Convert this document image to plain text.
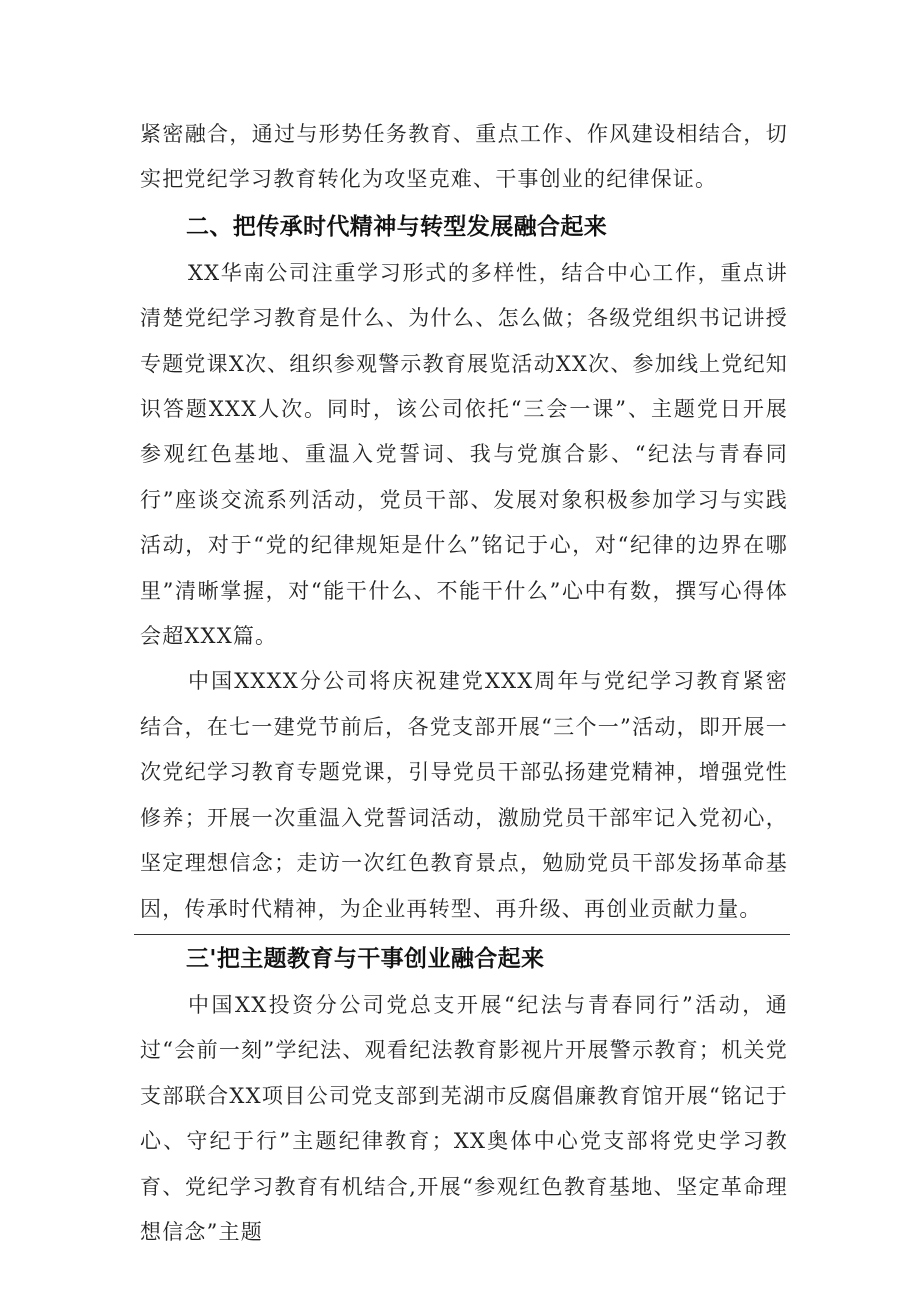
紧密融合，通过与形势任务教育、重点工作、作风建设相结合，切实把党纪学习教育转化为攻坚克难、干事创业的纪律保证。

二、把传承时代精神与转型发展融合起来

XX华南公司注重学习形式的多样性，结合中心工作，重点讲清楚党纪学习教育是什么、为什么、怎么做；各级党组织书记讲授专题党课X次、组织参观警示教育展览活动XX次、参加线上党纪知识答题XXX人次。同时，该公司依托“三会一课”、主题党日开展参观红色基地、重温入党誓词、我与党旗合影、“纪法与青春同行”座谈交流系列活动，党员干部、发展对象积极参加学习与实践活动，对于“党的纪律规矩是什么”铭记于心，对“纪律的边界在哪里”清晰掌握，对“能干什么、不能干什么”心中有数，撰写心得体会超XXX篇。

中国XXXX分公司将庆祝建党XXX周年与党纪学习教育紧密结合，在七一建党节前后，各党支部开展“三个一”活动，即开展一次党纪学习教育专题党课，引导党员干部弘扬建党精神，增强党性修养；开展一次重温入党誓词活动，激励党员干部牢记入党初心，坚定理想信念；走访一次红色教育景点，勉励党员干部发扬革命基因，传承时代精神，为企业再转型、再升级、再创业贡献力量。

三'把主题教育与干事创业融合起来

中国XX投资分公司党总支开展“纪法与青春同行”活动，通过“会前一刻”学纪法、观看纪法教育影视片开展警示教育；机关党支部联合XX项目公司党支部到芜湖市反腐倡廉教育馆开展“铭记于心、守纪于行”主题纪律教育；XX奥体中心党支部将党史学习教育、党纪学习教育有机结合,开展“参观红色教育基地、坚定革命理想信念”主题
